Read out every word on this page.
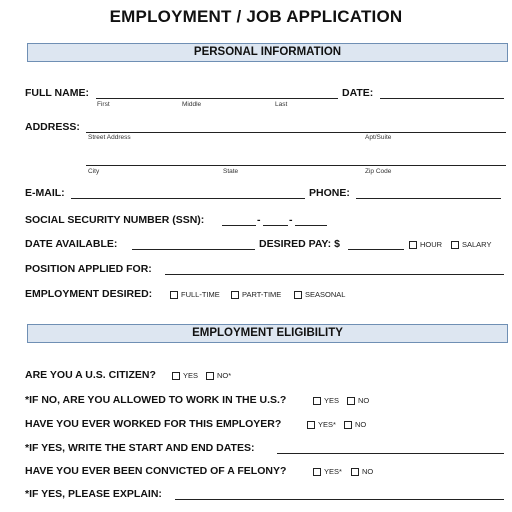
EMPLOYMENT / JOB APPLICATION
PERSONAL INFORMATION
FULL NAME:
First	Middle	Last
DATE:
ADDRESS:
Street Address	Apt/Suite
City	State	Zip Code
E-MAIL:	PHONE:
SOCIAL SECURITY NUMBER (SSN):	-	-
DATE AVAILABLE:	DESIRED PAY: $	HOUR	SALARY
POSITION APPLIED FOR:
EMPLOYMENT DESIRED:	FULL-TIME	PART-TIME	SEASONAL
EMPLOYMENT ELIGIBILITY
ARE YOU A U.S. CITIZEN?	YES	NO*
*IF NO, ARE YOU ALLOWED TO WORK IN THE U.S.?	YES	NO
HAVE YOU EVER WORKED FOR THIS EMPLOYER?	YES*	NO
*IF YES, WRITE THE START AND END DATES:
HAVE YOU EVER BEEN CONVICTED OF A FELONY?	YES*	NO
*IF YES, PLEASE EXPLAIN:
